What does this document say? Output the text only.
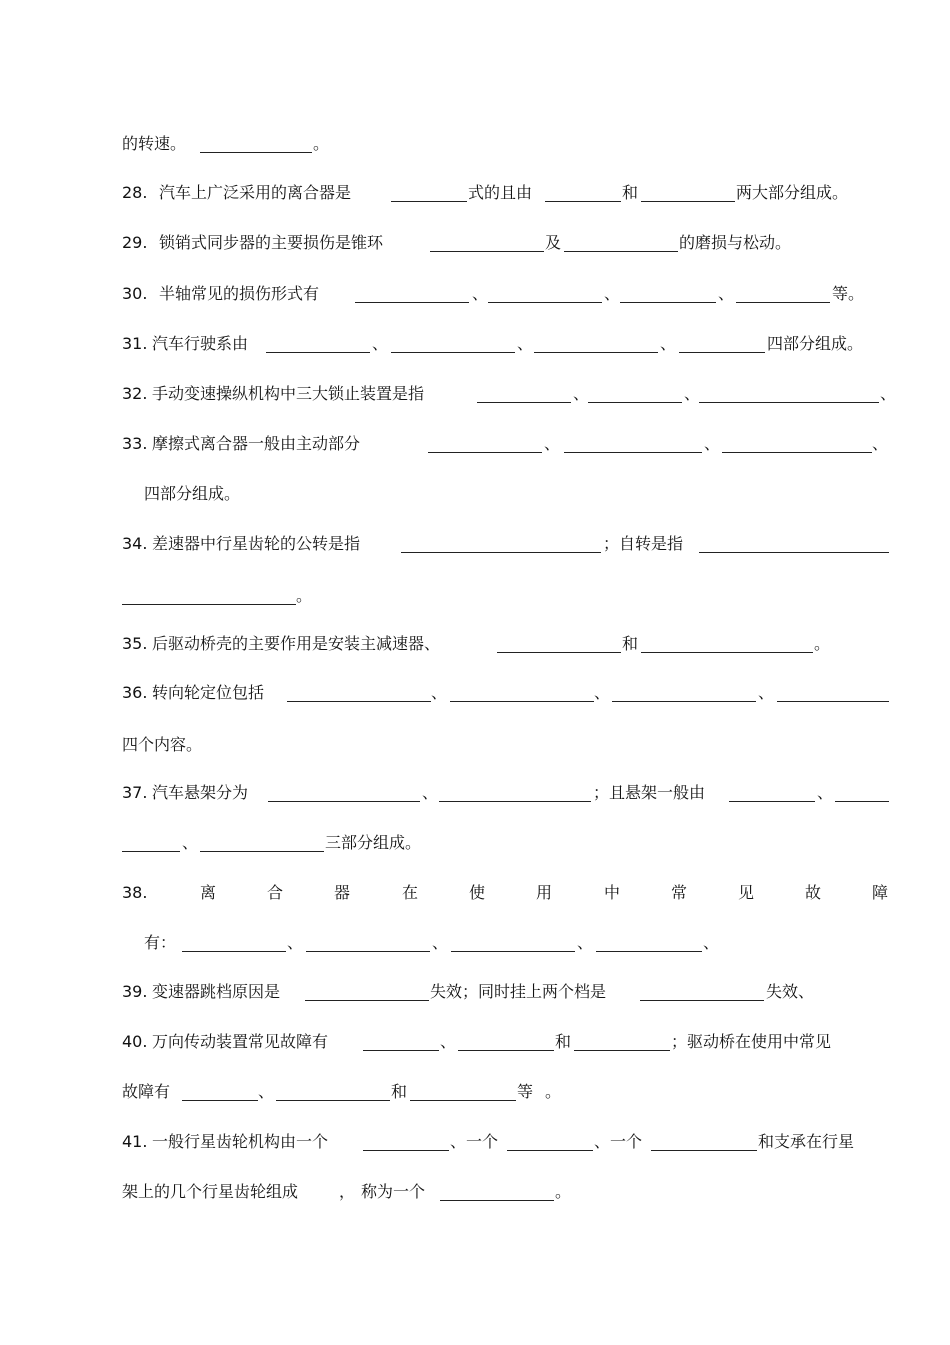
的转速。	。
28. 汽车上广泛采用的离合器是	式的且由	和	两大部分组成。
29. 锁销式同步器的主要损伤是锥环	及	的磨损与松动。
30. 半轴常见的损伤形式有	、	、	、	等。
31. 汽车行驶系由	、	、	、	四部分组成。
32. 手动变速操纵机构中三大锁止装置是指	、	、	、
33. 摩擦式离合器一般由主动部分	、	、	、
四部分组成。
34. 差速器中行星齿轮的公转是指	；自转是指
。
35. 后驱动桥壳的主要作用是安装主减速器、	和	。
36. 转向轮定位包括	、	、	、
四个内容。
37. 汽车悬架分为	、	；且悬架一般由	、
、	三部分组成。
38.	离	合	器	在	使	用	中	常	见	故	障
有：	、	、	、	、
39. 变速器跳档原因是	失效；同时挂上两个档是	失效、
40. 万向传动装置常见故障有	、	和	；驱动桥在使用中常见
故障有	、	和	等 。
41. 一般行星齿轮机构由一个	、一个	、一个	和支承在行星
架上的几个行星齿轮组成	， 称为一个	。
